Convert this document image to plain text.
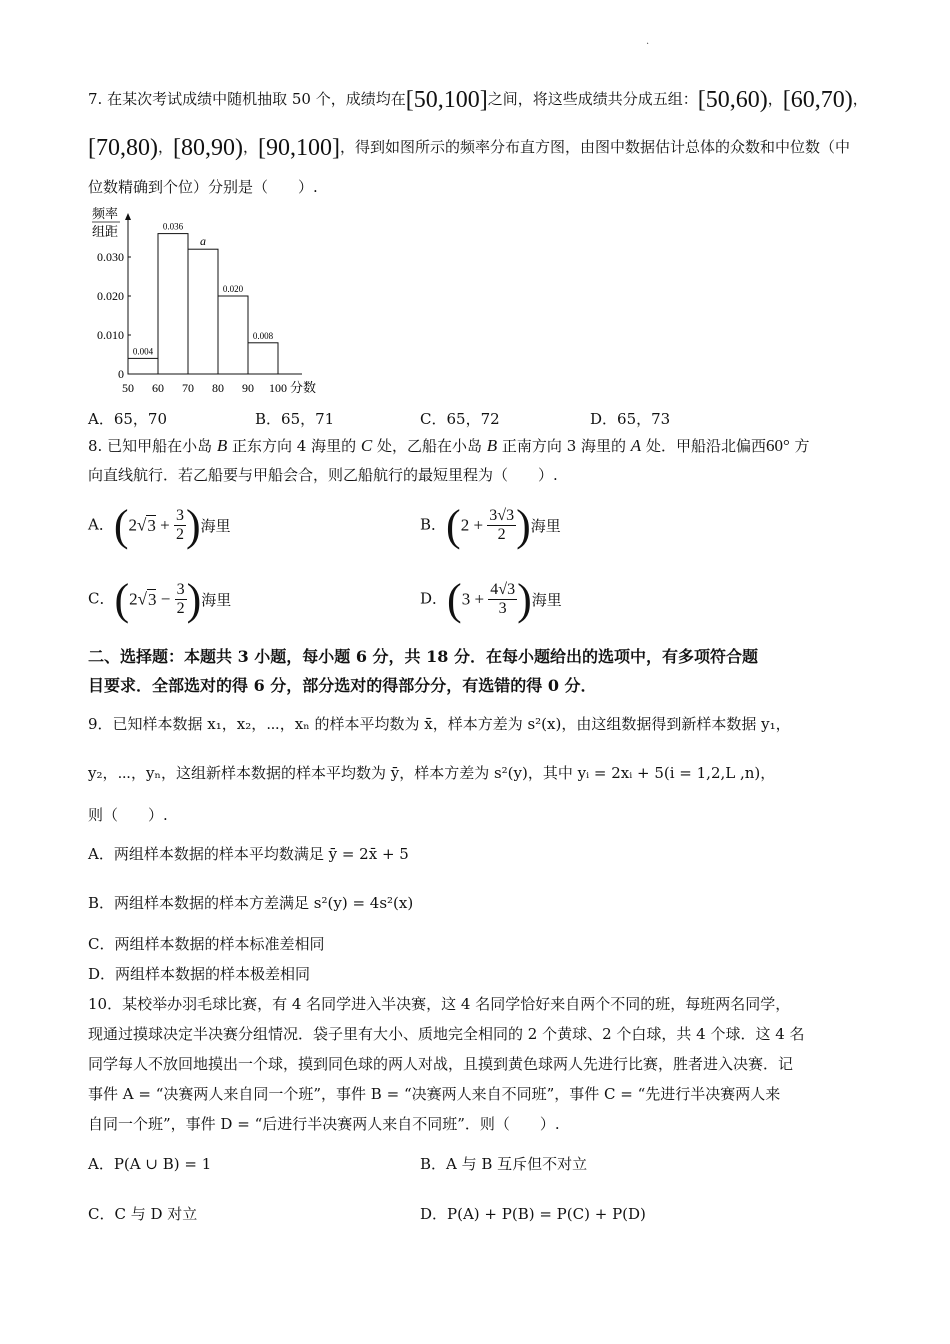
.
7. 在某次考试成绩中随机抽取 50 个，成绩均在[50,100]之间，将这些成绩共分成五组：[50,60)，[60,70)，
[70,80)，[80,90)，[90,100]，得到如图所示的频率分布直方图，由图中数据估计总体的众数和中位数（中
位数精确到个位）分别是（　　）.
频率
组距
0
0.010
0.020
0.030
50 60 70 80 90 100 分数
0.004
0.036
a
0.020
0.008
A．65，70	B．65，71	C．65，72	D．65，73
8. 已知甲船在小岛 B 正东方向 4 海里的 C 处，乙船在小岛 B 正南方向 3 海里的 A 处．甲船沿北偏西60° 方
向直线航行．若乙船要与甲船会合，则乙船航行的最短里程为（　　）.
A．($2√3 + \frac{3}{2}$ )海里	B．($2 + \frac{3√3}{2}$ )海里
C．($2√3 - \frac{3}{2}$ )海里	D．($3 + \frac{4√3}{3}$ )海里
二、选择题：本题共 3 小题，每小题 6 分，共 18 分．在每小题给出的选项中，有多项符合题
目要求．全部选对的得 6 分，部分选对的得部分分，有选错的得 0 分．
9．已知样本数据 x₁，x₂，⋯，xₙ 的样本平均数为 x̄，样本方差为 s²(x)，由这组数据得到新样本数据 y₁，
y₂，⋯，yₙ，这组新样本数据的样本平均数为 ȳ，样本方差为 s²(y)，其中 yᵢ = 2xᵢ + 5(i = 1,2,L ,n)，
则（　　）.
A．两组样本数据的样本平均数满足 ȳ = 2x̄ + 5
B．两组样本数据的样本方差满足 s²(y) = 4s²(x)
C．两组样本数据的样本标准差相同
D．两组样本数据的样本极差相同
10．某校举办羽毛球比赛，有 4 名同学进入半决赛，这 4 名同学恰好来自两个不同的班，每班两名同学，
现通过摸球决定半决赛分组情况．袋子里有大小、质地完全相同的 2 个黄球、2 个白球，共 4 个球．这 4 名
同学每人不放回地摸出一个球，摸到同色球的两人对战，且摸到黄色球两人先进行比赛，胜者进入决赛．记
事件 A = “决赛两人来自同一个班”，事件 B = “决赛两人来自不同班”，事件 C = “先进行半决赛两人来
自同一个班”，事件 D = “后进行半决赛两人来自不同班”．则（　　）.
A．P(A ∪ B) = 1	B．A 与 B 互斥但不对立
C．C 与 D 对立	D．P(A) + P(B) = P(C) + P(D)
